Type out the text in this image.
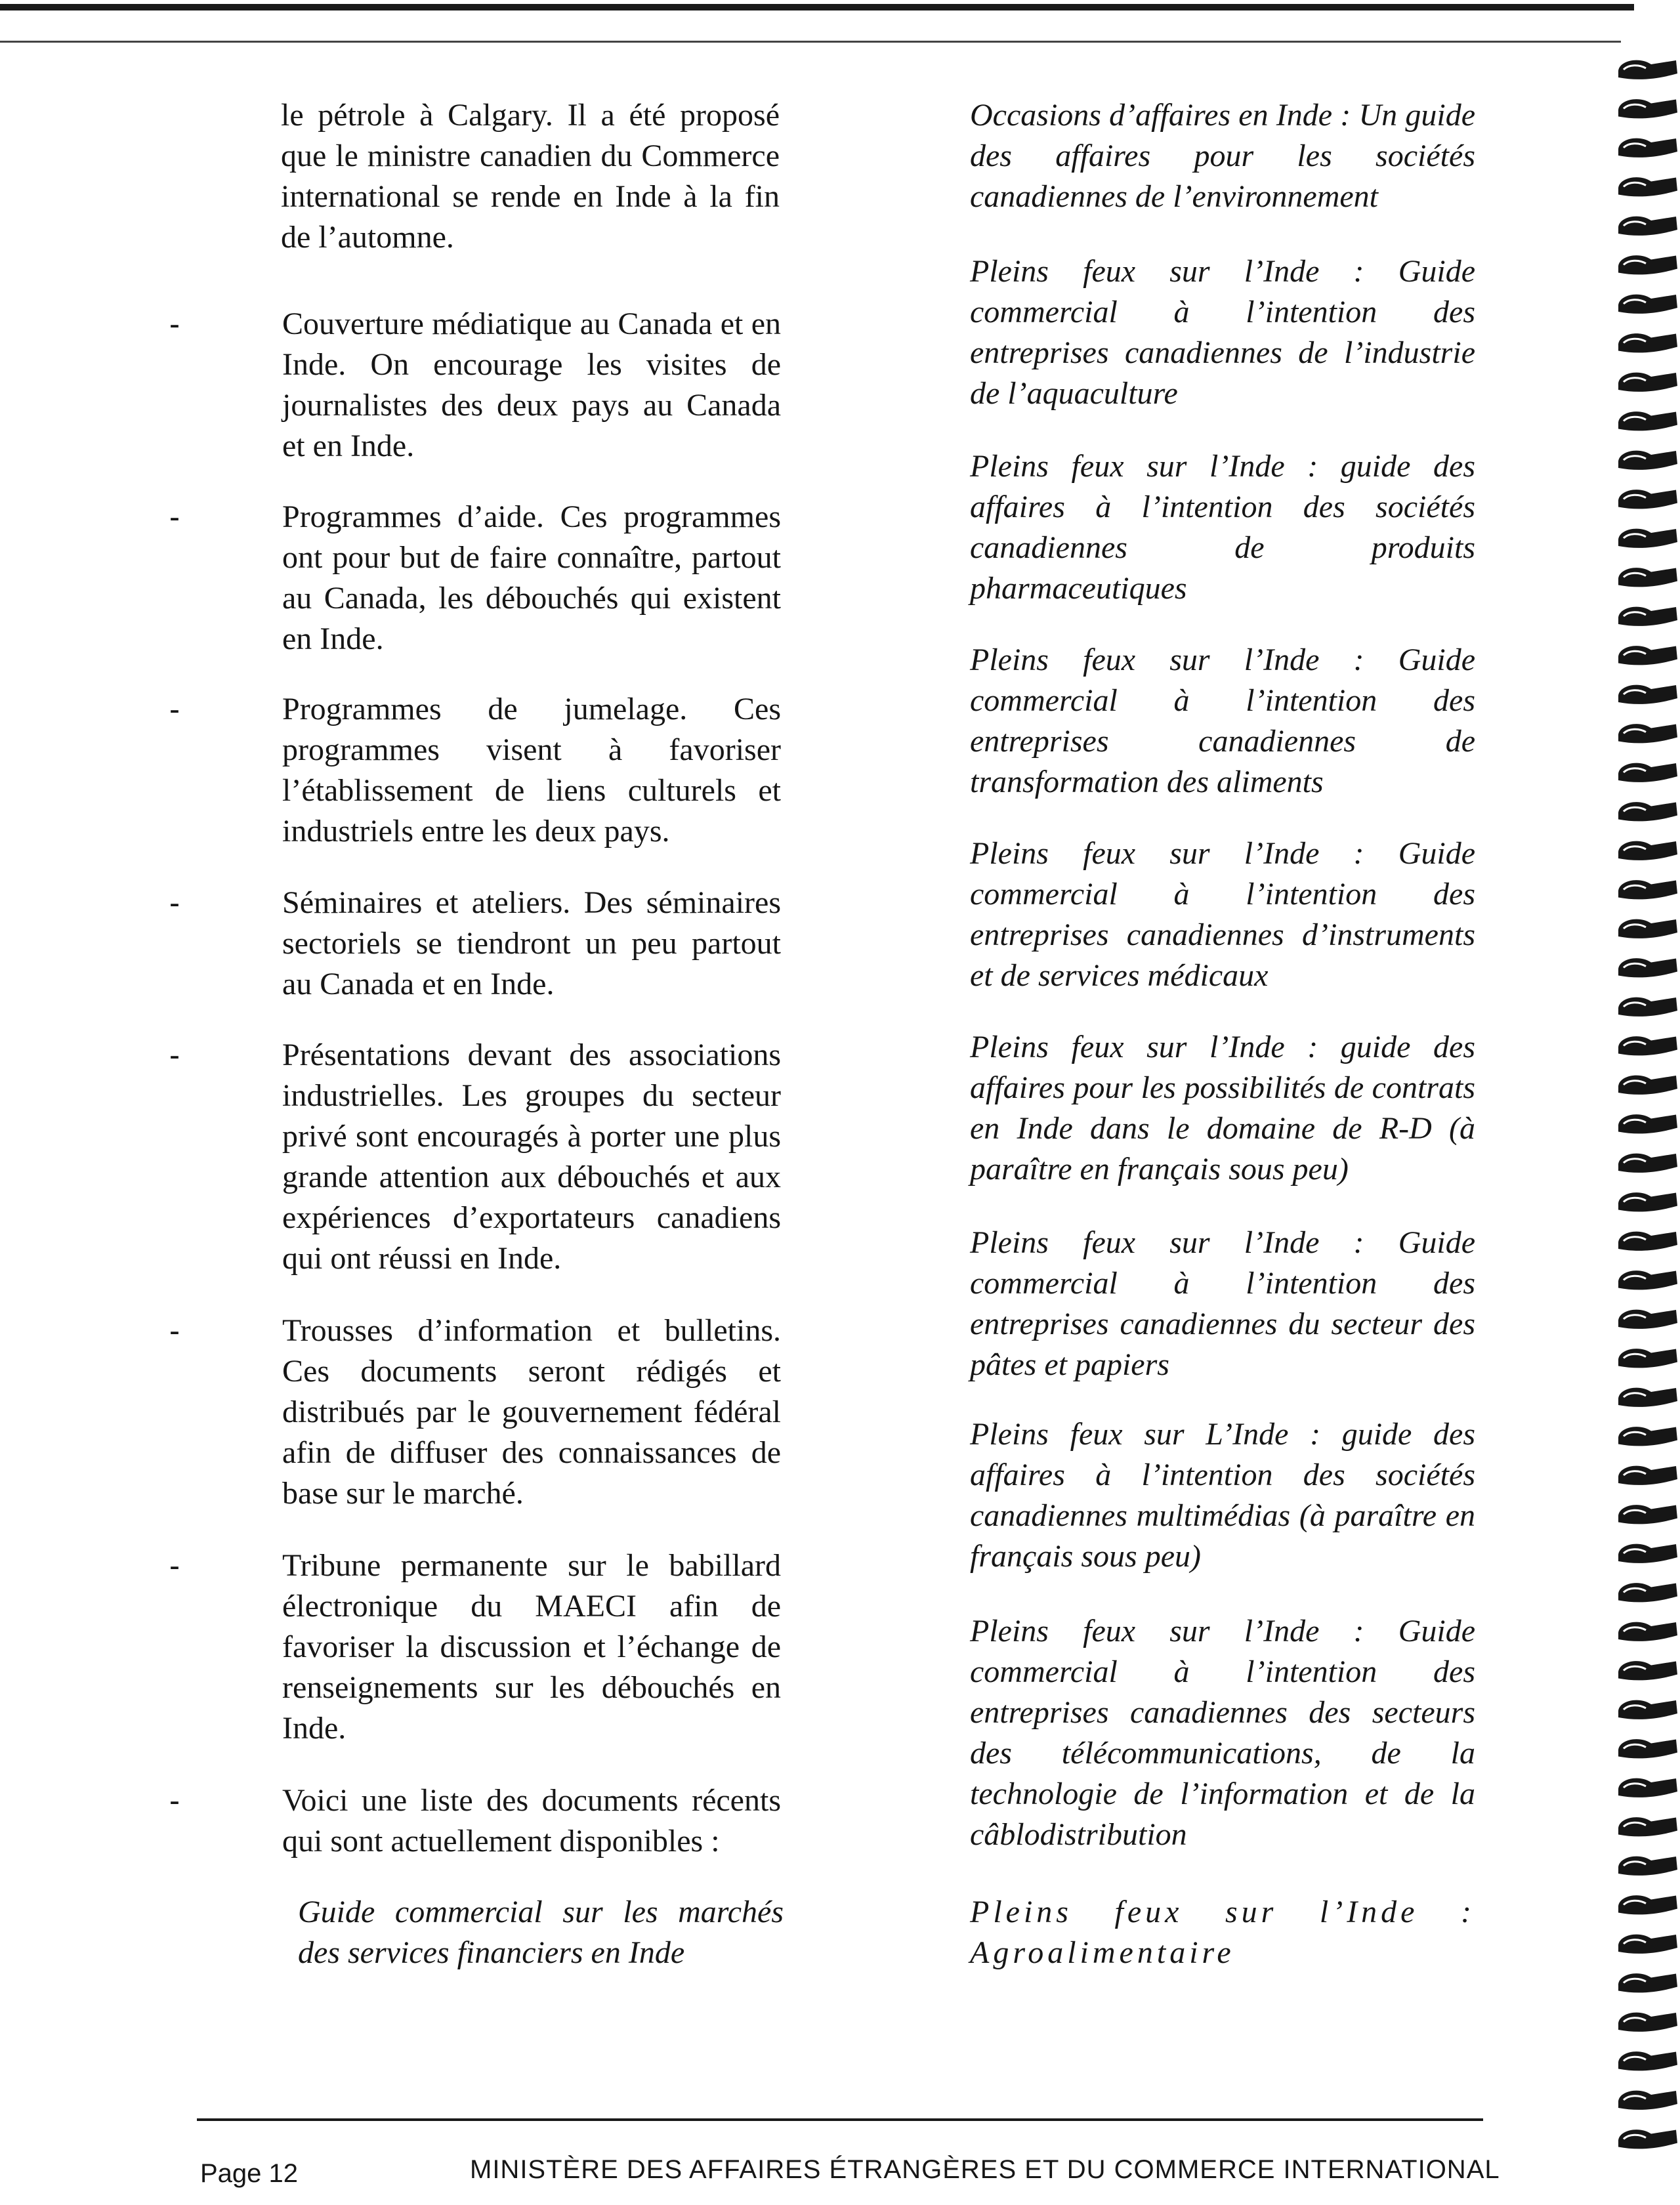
le pétrole à Calgary. Il a été proposé que le ministre canadien du Commerce international se rende en Inde à la fin de l’automne.

-	Couverture médiatique au Canada et en Inde. On encourage les visites de journalistes des deux pays au Canada et en Inde.

-	Programmes d’aide. Ces programmes ont pour but de faire connaître, partout au Canada, les débouchés qui existent en Inde.

-	Programmes de jumelage. Ces programmes visent à favoriser l’établissement de liens culturels et industriels entre les deux pays.

-	Séminaires et ateliers. Des séminaires sectoriels se tiendront un peu partout au Canada et en Inde.

-	Présentations devant des associations industrielles. Les groupes du secteur privé sont encouragés à porter une plus grande attention aux débouchés et aux expériences d’exportateurs canadiens qui ont réussi en Inde.

-	Trousses d’information et bulletins. Ces documents seront rédigés et distribués par le gouvernement fédéral afin de diffuser des connaissances de base sur le marché.

-	Tribune permanente sur le babillard électronique du MAECI afin de favoriser la discussion et l’échange de renseignements sur les débouchés en Inde.

-	Voici une liste des documents récents qui sont actuellement disponibles :

Guide commercial sur les marchés des services financiers en Inde

Occasions d’affaires en Inde : Un guide des affaires pour les sociétés canadiennes de l’environnement

Pleins feux sur l’Inde : Guide commercial à l’intention des entreprises canadiennes de l’industrie de l’aquaculture

Pleins feux sur l’Inde : guide des affaires à l’intention des sociétés canadiennes de produits pharmaceutiques

Pleins feux sur l’Inde : Guide commercial à l’intention des entreprises canadiennes de transformation des aliments

Pleins feux sur l’Inde : Guide commercial à l’intention des entreprises canadiennes d’instruments et de services médicaux

Pleins feux sur l’Inde : guide des affaires pour les possibilités de contrats en Inde dans le domaine de R-D (à paraître en français sous peu)

Pleins feux sur l’Inde : Guide commercial à l’intention des entreprises canadiennes du secteur des pâtes et papiers

Pleins feux sur L’Inde : guide des affaires à l’intention des sociétés canadiennes multimédias (à paraître en français sous peu)

Pleins feux sur l’Inde : Guide commercial à l’intention des entreprises canadiennes des secteurs des télécommunications, de la technologie de l’information et de la câblodistribution

Pleins feux sur l’Inde : Agroalimentaire

Page 12	MINISTÈRE DES AFFAIRES ÉTRANGÈRES ET DU COMMERCE INTERNATIONAL
